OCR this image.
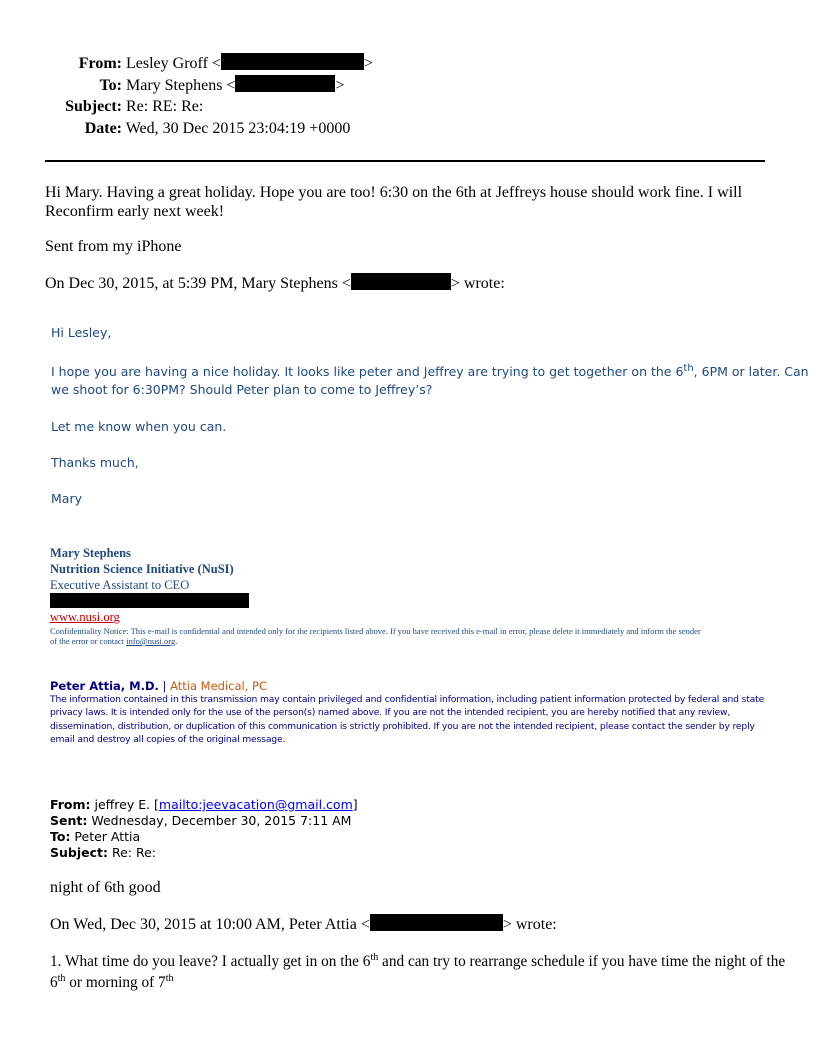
From: Lesley Groff <	>
To: Mary Stephens <	>
Subject: Re: RE: Re:
Date: Wed, 30 Dec 2015 23:04:19 +0000
Hi Mary. Having a great holiday. Hope you are too! 6:30 on the 6th at Jeffreys house should work fine. I will
Reconfirm early next week!
Sent from my iPhone
On Dec 30, 2015, at 5:39 PM, Mary Stephens <	> wrote:
Hi Lesley,
I hope you are having a nice holiday. It looks like peter and Jeffrey are trying to get together on the 6th, 6PM or later. Can
we shoot for 6:30PM? Should Peter plan to come to Jeffrey’s?
Let me know when you can.
Thanks much,
Mary
Mary Stephens
Nutrition Science Initiative (NuSI)
Executive Assistant to CEO
www.nusi.org
Confidentiality Notice: This e-mail is confidential and intended only for the recipients listed above. If you have received this e-mail in error, please delete it immediately and inform the sender
of the error or contact info@nusi.org.
Peter Attia, M.D. | Attia Medical, PC
The information contained in this transmission may contain privileged and confidential information, including patient information protected by federal and state
privacy laws. It is intended only for the use of the person(s) named above. If you are not the intended recipient, you are hereby notified that any review,
dissemination, distribution, or duplication of this communication is strictly prohibited. If you are not the intended recipient, please contact the sender by reply
email and destroy all copies of the original message.
From: jeffrey E. [mailto:jeevacation@gmail.com]
Sent: Wednesday, December 30, 2015 7:11 AM
To: Peter Attia
Subject: Re: Re:
night of 6th good
On Wed, Dec 30, 2015 at 10:00 AM, Peter Attia <	> wrote:
1. What time do you leave? I actually get in on the 6th and can try to rearrange schedule if you have time the night of the
6th or morning of 7th
